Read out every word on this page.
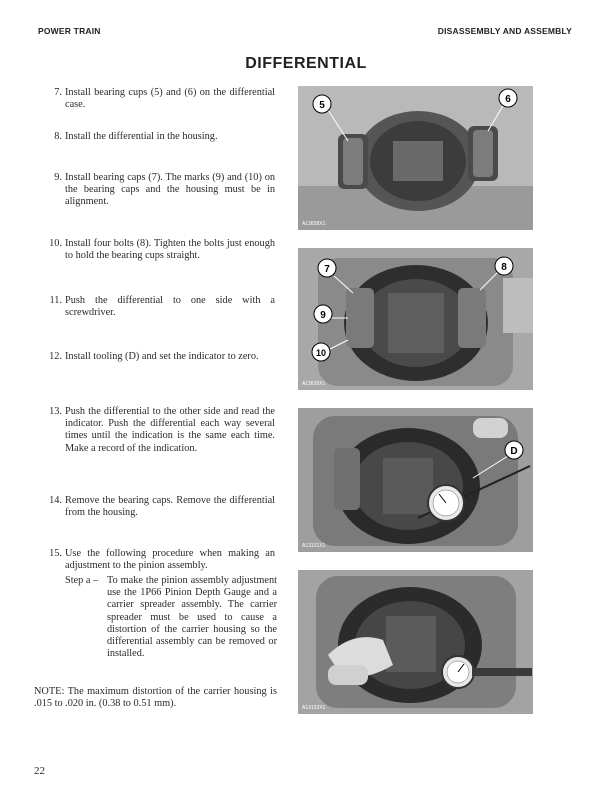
POWER TRAIN	DISASSEMBLY AND ASSEMBLY
DIFFERENTIAL
7. Install bearing cups (5) and (6) on the differential case.
8. Install the differential in the housing.
9. Install bearing caps (7). The marks (9) and (10) on the bearing caps and the housing must be in alignment.
10. Install four bolts (8). Tighten the bolts just enough to hold the bearing cups straight.
11. Push the differential to one side with a screwdriver.
12. Install tooling (D) and set the indicator to zero.
13. Push the differential to the other side and read the indicator. Push the differential each way several times until the indication is the same each time. Make a record of the indication.
14. Remove the bearing caps. Remove the differential from the housing.
15. Use the following procedure when making an adjustment to the pinion assembly.
Step a – To make the pinion assembly adjustment use the 1P66 Pinion Depth Gauge and a carrier spreader assembly. The carrier spreader must be used to cause a distortion of the carrier housing so the differential assembly can be removed or installed.
NOTE: The maximum distortion of the carrier housing is .015 to .020 in. (0.38 to 0.51 mm).
22
5
6
A13838X1
7	8
9
10
A13839X1
D
A13131X1
A13132X1
